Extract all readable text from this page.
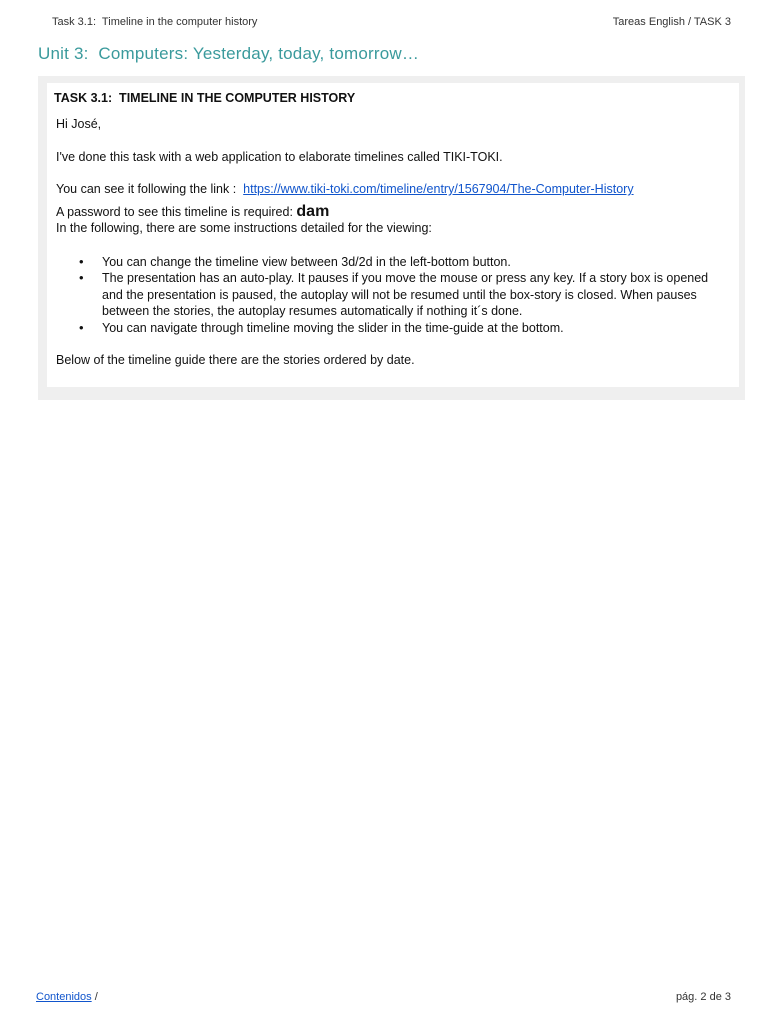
Task 3.1:  Timeline in the computer history	Tareas English / TASK 3
Unit 3:  Computers: Yesterday, today, tomorrow…
TASK 3.1:  TIMELINE IN THE COMPUTER HISTORY

Hi José,

I've done this task with a web application to elaborate timelines called TIKI-TOKI.

You can see it following the link :  https://www.tiki-toki.com/timeline/entry/1567904/The-Computer-History

A password to see this timeline is required: dam

In the following, there are some instructions detailed for the viewing:

• You can change the timeline view between 3d/2d in the left-bottom button.
• The presentation has an auto-play. It pauses if you move the mouse or press any key. If a story box is opened and the presentation is paused, the autoplay will not be resumed until the box-story is closed. When pauses between the stories, the autoplay resumes automatically if nothing it´s done.
• You can navigate through timeline moving the slider in the time-guide at the bottom.

Below of the timeline guide there are the stories ordered by date.

Contenidos /	pág. 2 de 3
